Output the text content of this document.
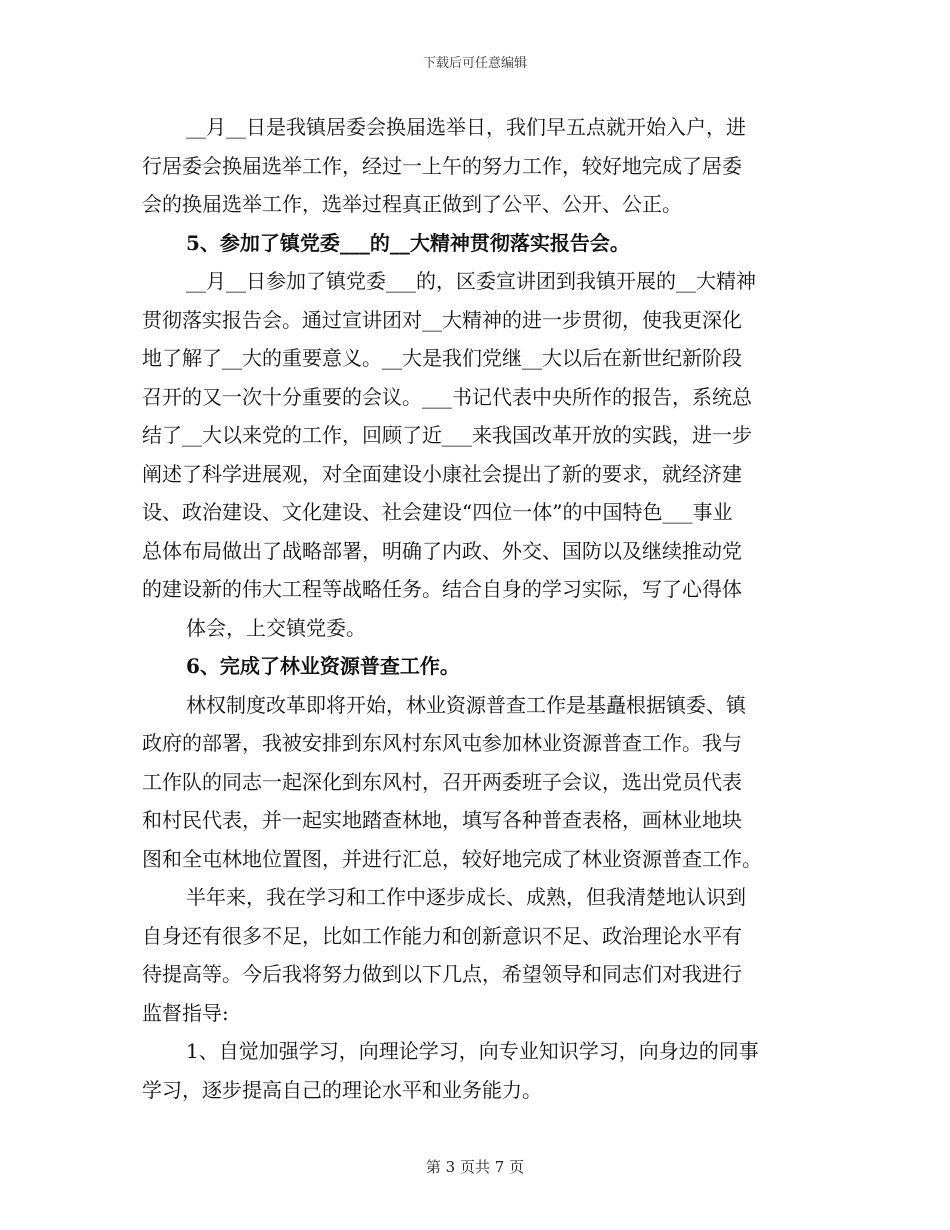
下载后可任意编辑
__月__日是我镇居委会换届选举日，我们早五点就开始入户，进
行居委会换届选举工作，经过一上午的努力工作，较好地完成了居委
会的换届选举工作，选举过程真正做到了公平、公开、公正。
5、参加了镇党委___的__大精神贯彻落实报告会。
__月__日参加了镇党委___的，区委宣讲团到我镇开展的__大精神
贯彻落实报告会。通过宣讲团对__大精神的进一步贯彻，使我更深化
地了解了__大的重要意义。__大是我们党继__大以后在新世纪新阶段
召开的又一次十分重要的会议。___书记代表中央所作的报告，系统总
结了__大以来党的工作，回顾了近___来我国改革开放的实践，进一步
阐述了科学进展观，对全面建设小康社会提出了新的要求，就经济建
设、政治建设、文化建设、社会建设“四位一体”的中国特色___事业
总体布局做出了战略部署，明确了内政、外交、国防以及继续推动党
的建设新的伟大工程等战略任务。结合自身的学习实际，写了心得体
体会，上交镇党委。
6、完成了林业资源普查工作。
林权制度改革即将开始，林业资源普查工作是基矗根据镇委、镇
政府的部署，我被安排到东风村东风屯参加林业资源普查工作。我与
工作队的同志一起深化到东风村，召开两委班子会议，选出党员代表
和村民代表，并一起实地踏查林地，填写各种普查表格，画林业地块
图和全屯林地位置图，并进行汇总，较好地完成了林业资源普查工作。
半年来，我在学习和工作中逐步成长、成熟，但我清楚地认识到
自身还有很多不足，比如工作能力和创新意识不足、政治理论水平有
待提高等。今后我将努力做到以下几点，希望领导和同志们对我进行
监督指导:
1、自觉加强学习，向理论学习，向专业知识学习，向身边的同事
学习，逐步提高自己的理论水平和业务能力。
第 3 页共 7 页
